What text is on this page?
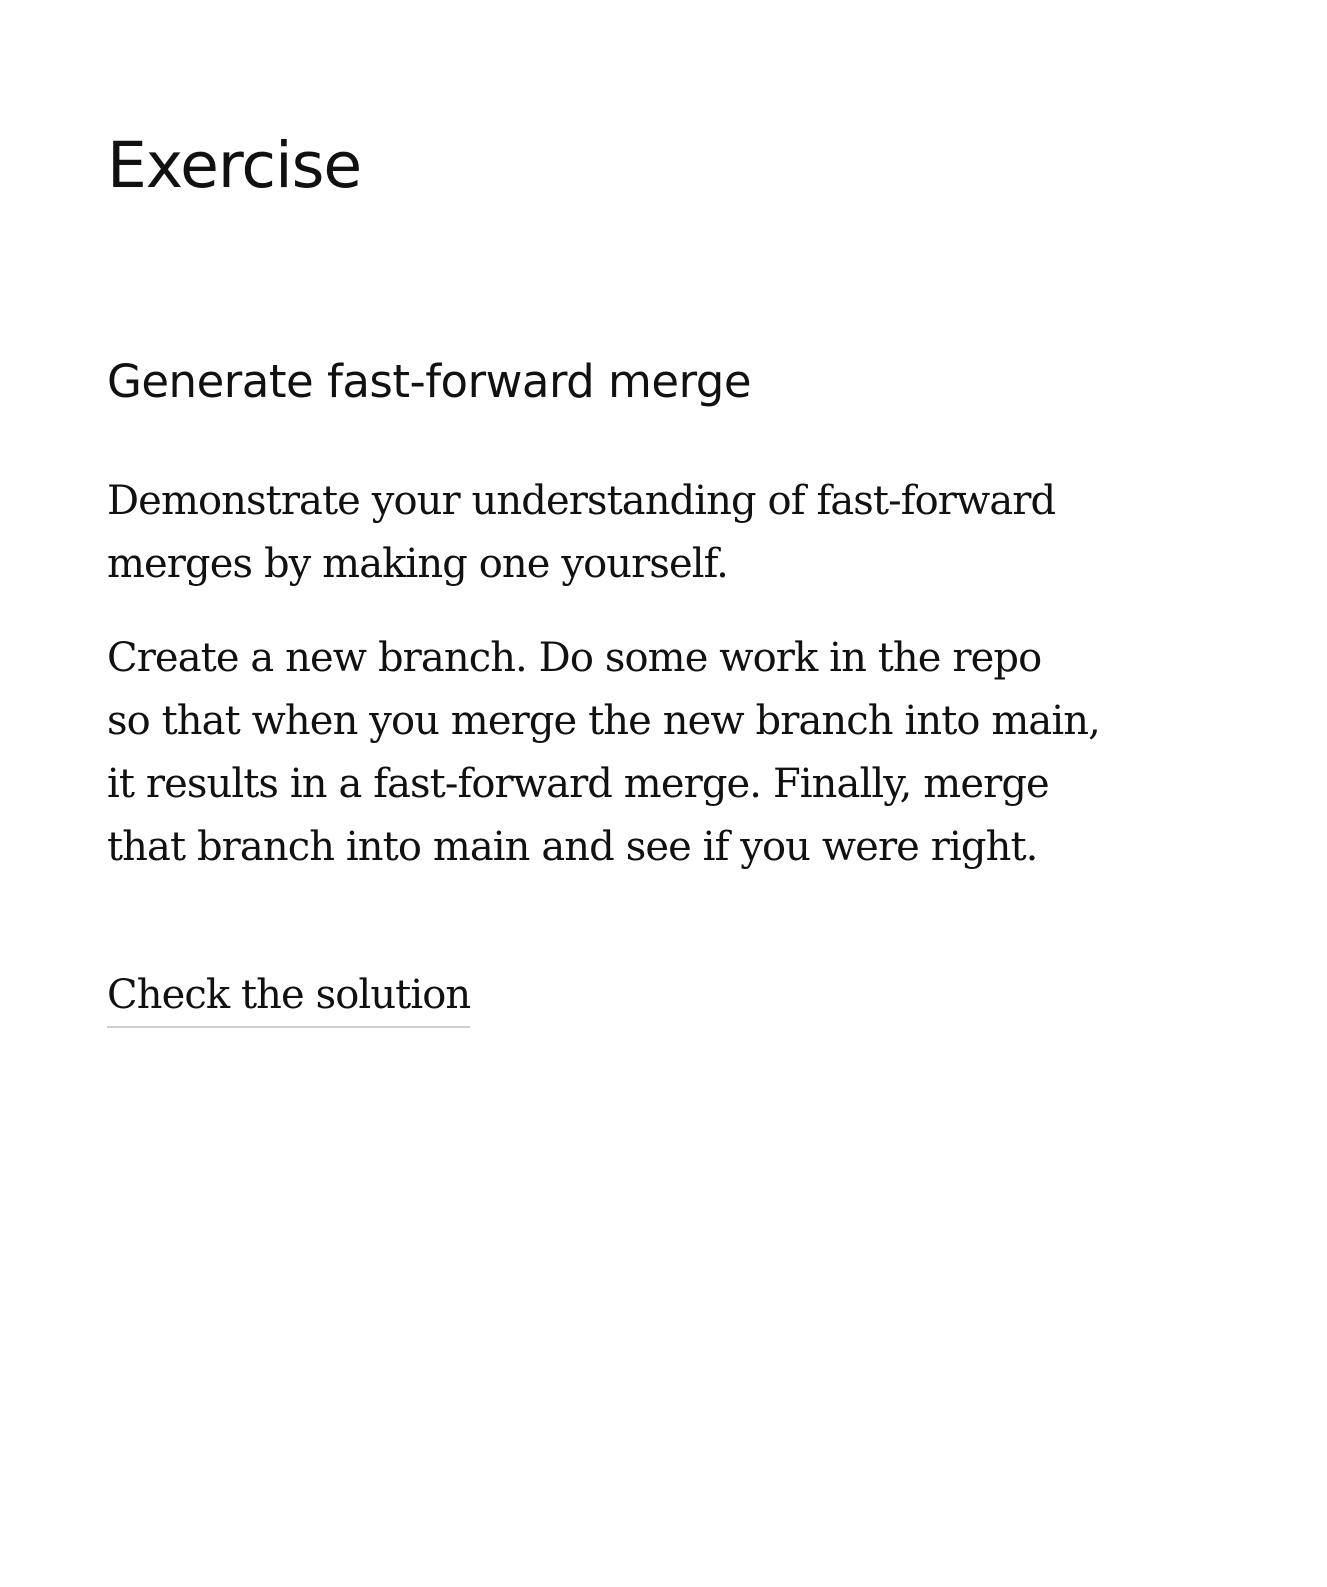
Exercise
Generate fast-forward merge

Demonstrate your understanding of fast-forward
merges by making one yourself.

Create a new branch. Do some work in the repo
so that when you merge the new branch into main,
it results in a fast-forward merge. Finally, merge
that branch into main and see if you were right.

Check the solution
